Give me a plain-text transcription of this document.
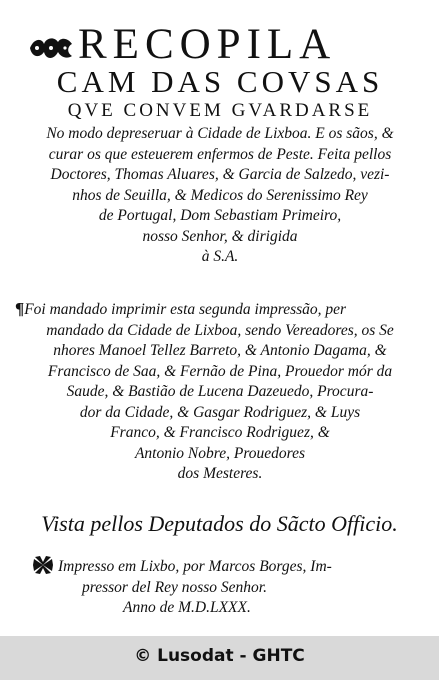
RECOPILA
CAM DAS COVSAS
QVE CONVEM GVARDARSE
No modo depreseruar à Cidade de Lixboa. E os sãos, &
curar os que esteuerem enfermos de Peste. Feita pellos
Doctores, Thomas Aluares, & Garcia de Salzedo, vezi-
nhos de Seuilla, & Medicos do Serenissimo Rey
de Portugal, Dom Sebastiam Primeiro,
nosso Senhor, & dirigida
à S.A.
¶Foi mandado imprimir esta segunda impressão, per
mandado da Cidade de Lixboa, sendo Vereadores, os Se
nhores Manoel Tellez Barreto, & Antonio Dagama, &
Francisco de Saa, & Fernão de Pina, Prouedor mór da
Saude, & Bastião de Lucena Dazeuedo, Procura-
dor da Cidade, & Gasgar Rodriguez, & Luys
Franco, & Francisco Rodriguez, &
Antonio Nobre, Prouedores
dos Mesteres.
Vista pellos Deputados do Sãcto Officio.
Impresso em Lixbo, por Marcos Borges, Im-
pressor del Rey nosso Senhor.
Anno de M.D.LXXX.
© Lusodat - GHTC
